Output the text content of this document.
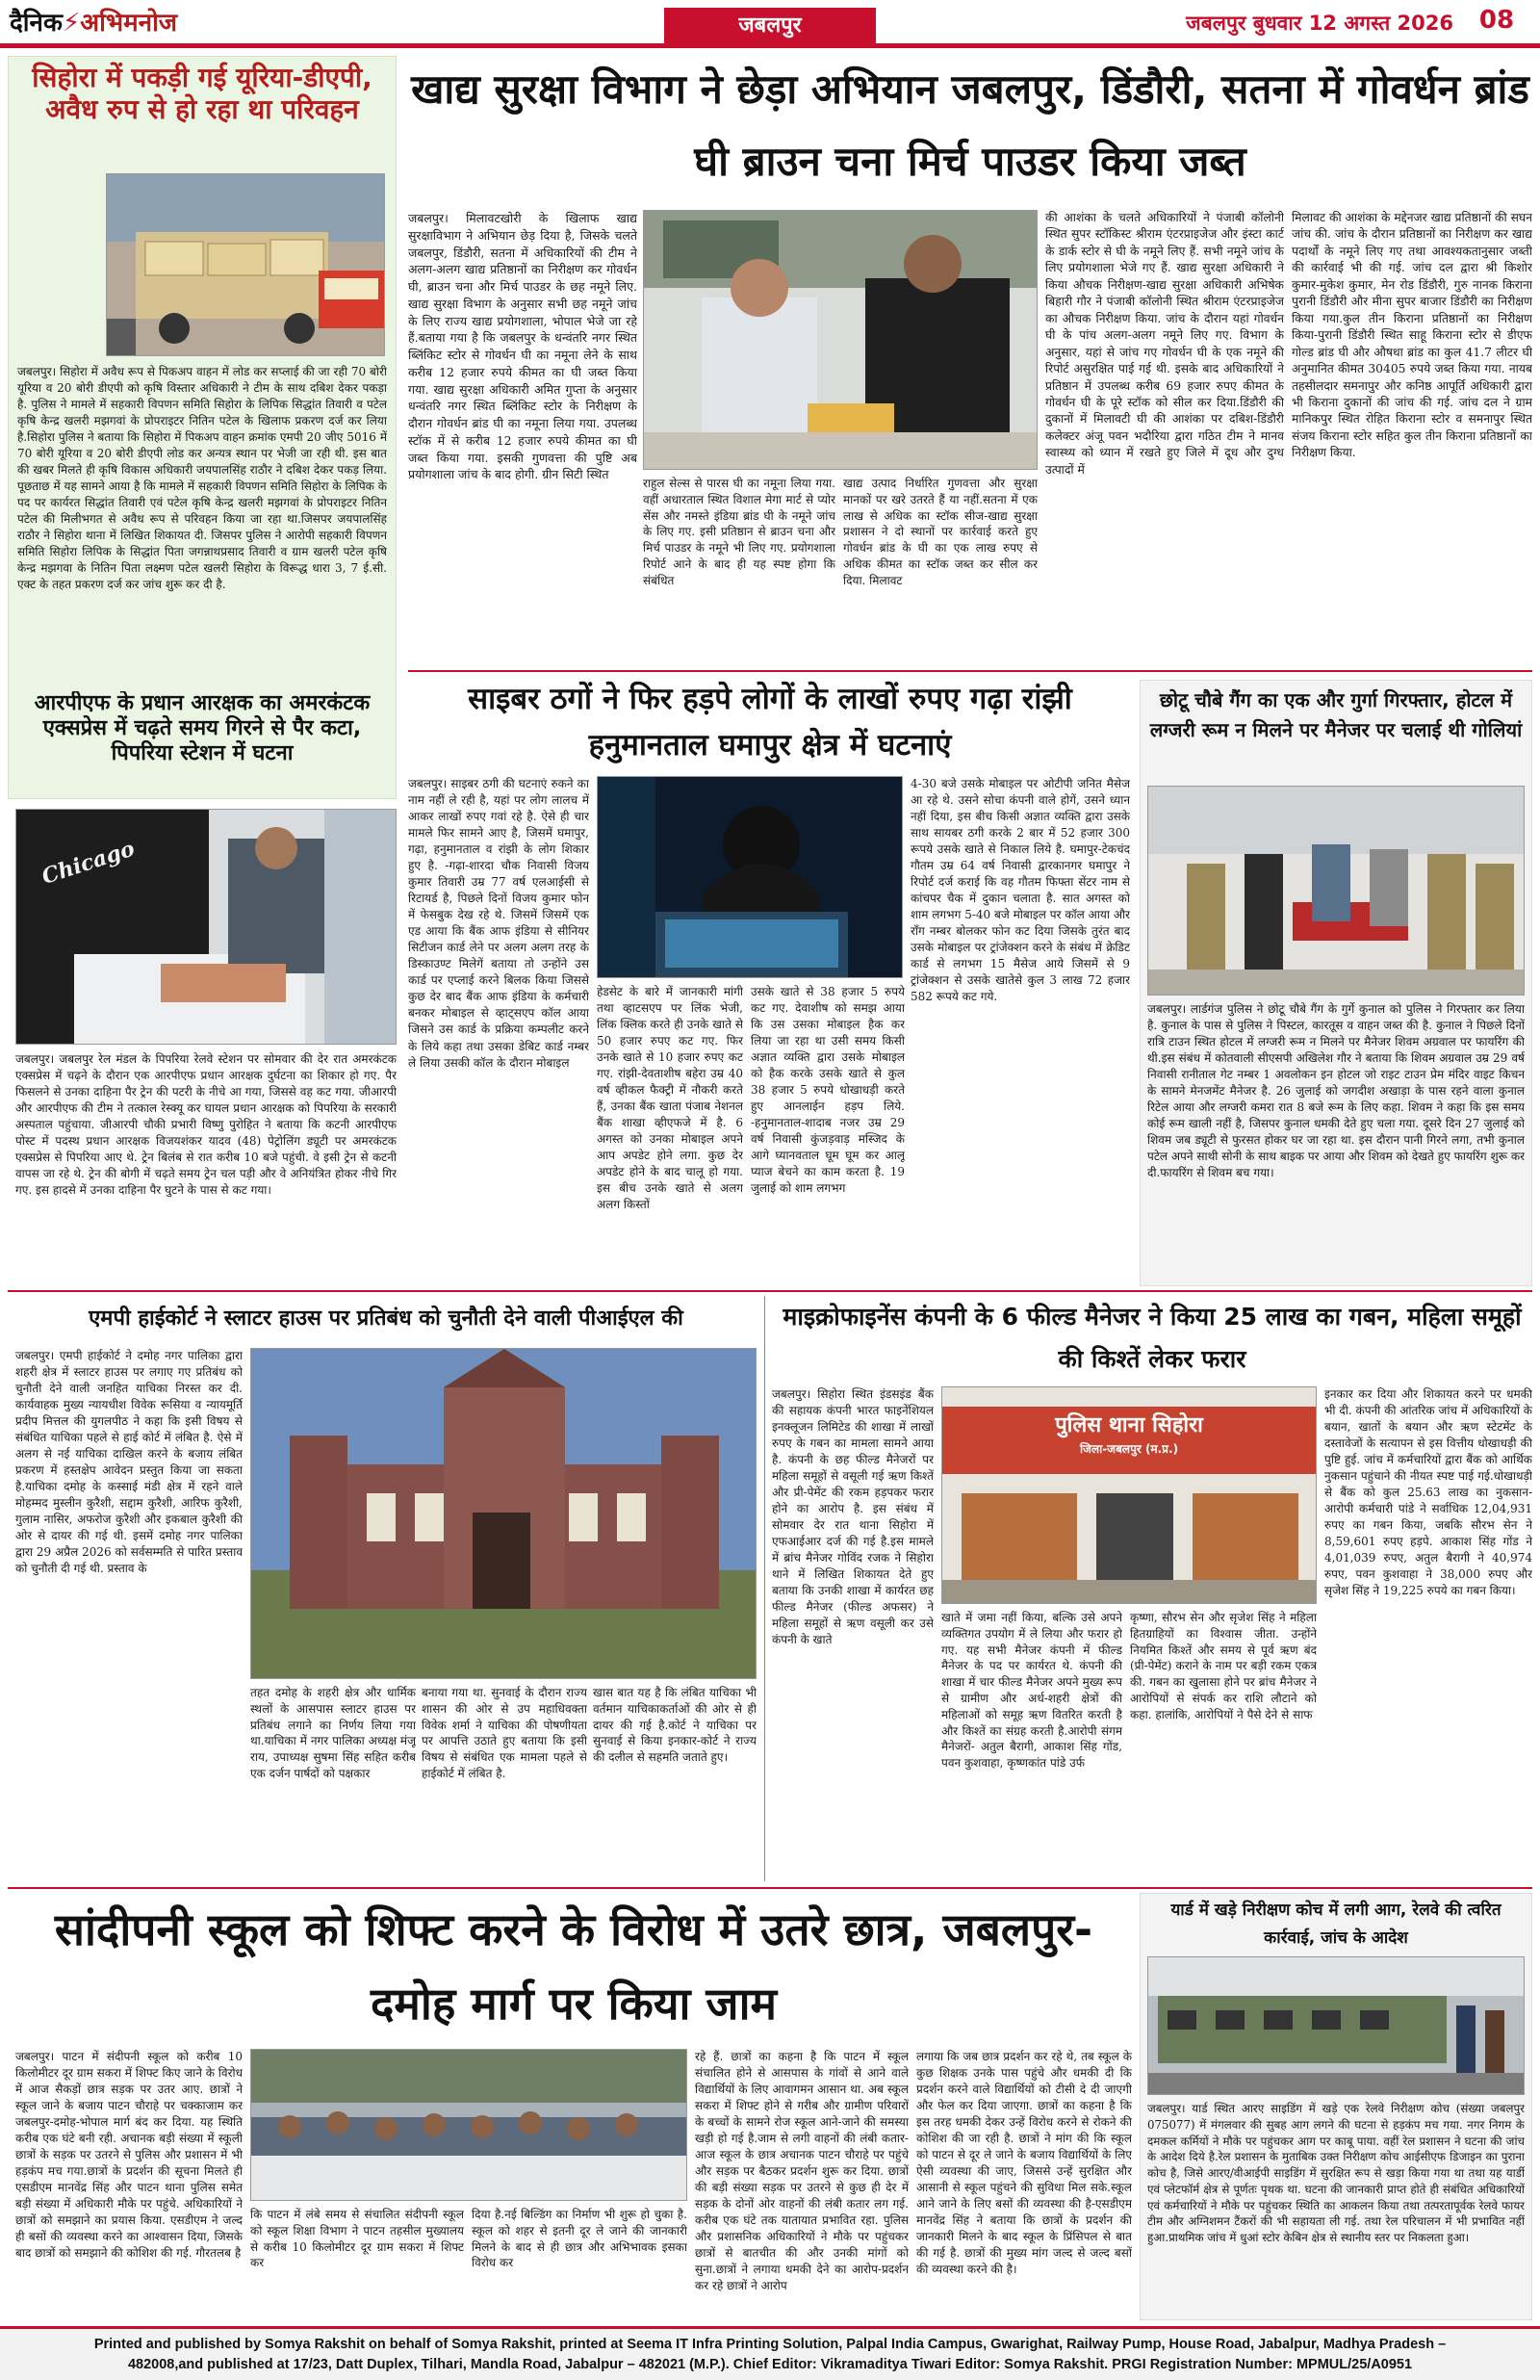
दैनिक⚡अभिमनोज	जबलपुर	जबलपुर बुधवार 12 अगस्त 2026	08
सिहोरा में पकड़ी गई यूरिया-डीएपी, अवैध रुप से हो रहा था परिवहन
जबलपुर। सिहोरा में अवैध रूप से पिकअप वाहन में लोड कर सप्लाई की जा रही 70 बोरी यूरिया व 20 बोरी डीएपी को कृषि विस्तार अधिकारी ने टीम के साथ दबिश देकर पकड़ा है. पुलिस ने मामले में सहकारी विपणन समिति सिहोरा के लिपिक सिद्धांत तिवारी व पटेल कृषि केन्द्र खलरी मझगवां के प्रोपराइटर नितिन पटेल के खिलाफ प्रकरण दर्ज कर लिया है.सिहोरा पुलिस ने बताया कि सिहोरा में पिकअप वाहन क्रमांक एमपी 20 जीए 5016 में 70 बोरी यूरिया व 20 बोरी डीएपी लोड कर अन्यत्र स्थान पर भेजी जा रही थी. इस बात की खबर मिलते ही कृषि विकास अधिकारी जयपालसिंह राठौर ने दबिश देकर पकड़ लिया. पूछताछ में यह सामने आया है कि मामले में सहकारी विपणन समिति सिहोरा के लिपिक के पद पर कार्यरत सिद्धांत तिवारी एवं पटेल कृषि केन्द्र खलरी मझगवां के प्रोपराइटर नितिन पटेल की मिलीभगत से अवैध रूप से परिवहन किया जा रहा था.जिसपर जयपालसिंह राठौर ने सिहोरा थाना में लिखित शिकायत दी. जिसपर पुलिस ने आरोपी सहकारी विपणन समिति सिहोरा लिपिक के सिद्धांत पिता जगन्नाथप्रसाद तिवारी व ग्राम खलरी पटेल कृषि केन्द्र मझगवा के नितिन पिता लक्ष्मण पटेल खलरी सिहोरा के विरूद्ध धारा 3, 7 ई.सी. एक्ट के तहत प्रकरण दर्ज कर जांच शुरू कर दी है.
आरपीएफ के प्रधान आरक्षक का अमरकंटक एक्सप्रेस में चढ़ते समय गिरने से पैर कटा, पिपरिया स्टेशन में घटना
Chicago
जबलपुर। जबलपुर रेल मंडल के पिपरिया रेलवे स्टेशन पर सोमवार की देर रात अमरकंटक एक्सप्रेस में चढ़ने के दौरान एक आरपीएफ प्रधान आरक्षक दुर्घटना का शिकार हो गए. पैर फिसलने से उनका दाहिना पैर ट्रेन की पटरी के नीचे आ गया, जिससे वह कट गया. जीआरपी और आरपीएफ की टीम ने तत्काल रेस्क्यू कर घायल प्रधान आरक्षक को पिपरिया के सरकारी अस्पताल पहुंचाया. जीआरपी चौकी प्रभारी विष्णु पुरोहित ने बताया कि कटनी आरपीएफ पोस्ट में पदस्थ प्रधान आरक्षक विजयशंकर यादव (48) पेट्रोलिंग ड्यूटी पर अमरकंटक एक्सप्रेस से पिपरिया आए थे. ट्रेन बिलंब से रात करीब 10 बजे पहुंची. वे इसी ट्रेन से कटनी वापस जा रहे थे. ट्रेन की बोगी में चढ़ते समय ट्रेन चल पड़ी और वे अनियंत्रित होकर नीचे गिर गए. इस हादसे में उनका दाहिना पैर घुटने के पास से कट गया।
खाद्य सुरक्षा विभाग ने छेड़ा अभियान जबलपुर, डिंडौरी, सतना में गोवर्धन ब्रांड घी ब्राउन चना मिर्च पाउडर किया जब्त
जबलपुर। मिलावटखोरी के खिलाफ खाद्य सुरक्षाविभाग ने अभियान छेड़ दिया है, जिसके चलते जबलपुर, डिंडौरी, सतना में अधिकारियों की टीम ने अलग-अलग खाद्य प्रतिष्ठानों का निरीक्षण कर गोवर्धन घी, ब्राउन चना और मिर्च पाउडर के छह नमूने लिए. खाद्य सुरक्षा विभाग के अनुसार सभी छह नमूने जांच के लिए राज्य खाद्य प्रयोगशाला, भोपाल भेजे जा रहे हैं.बताया गया है कि जबलपुर के धन्वंतरि नगर स्थित ब्लिंकिट स्टोर से गोवर्धन घी का नमूना लेने के साथ करीब 12 हजार रुपये कीमत का घी जब्त किया गया. खाद्य सुरक्षा अधिकारी अमित गुप्ता के अनुसार धन्वंतरि नगर स्थित ब्लिंकिट स्टोर के निरीक्षण के दौरान गोवर्धन ब्रांड घी का नमूना लिया गया. उपलब्ध स्टॉक में से करीब 12 हजार रुपये कीमत का घी जब्त किया गया. इसकी गुणवत्ता की पुष्टि अब प्रयोगशाला जांच के बाद होगी. ग्रीन सिटी स्थित
राहुल सेल्स से पारस घी का नमूना लिया गया. वहीं अधारताल स्थित विशाल मेगा मार्ट से प्योर सेंस और नमस्ते इंडिया ब्रांड घी के नमूने जांच के लिए गए. इसी प्रतिष्ठान से ब्राउन चना और मिर्च पाउडर के नमूने भी लिए गए. प्रयोगशाला रिपोर्ट आने के बाद ही यह स्पष्ट होगा कि संबंधित
खाद्य उत्पाद निर्धारित गुणवत्ता और सुरक्षा मानकों पर खरे उतरते हैं या नहीं.सतना में एक लाख से अधिक का स्टॉक सीज-खाद्य सुरक्षा प्रशासन ने दो स्थानों पर कार्रवाई करते हुए गोवर्धन ब्रांड के घी का एक लाख रुपए से अधिक कीमत का स्टॉक जब्त कर सील कर दिया. मिलावट
की आशंका के चलते अधिकारियों ने पंजाबी कॉलोनी स्थित सुपर स्टॉकिस्ट श्रीराम एंटरप्राइजेज और इंस्टा कार्ट के डार्क स्टोर से घी के नमूने लिए हैं. सभी नमूने जांच के लिए प्रयोगशाला भेजे गए हैं. खाद्य सुरक्षा अधिकारी ने किया औचक निरीक्षण-खाद्य सुरक्षा अधिकारी अभिषेक बिहारी गौर ने पंजाबी कॉलोनी स्थित श्रीराम एंटरप्राइजेज का औचक निरीक्षण किया. जांच के दौरान यहां गोवर्धन घी के पांच अलग-अलग नमूने लिए गए. विभाग के अनुसार, यहां से जांच गए गोवर्धन घी के एक नमूने की रिपोर्ट असुरक्षित पाई गई थी. इसके बाद अधिकारियों ने प्रतिष्ठान में उपलब्ध करीब 69 हजार रुपए कीमत के गोवर्धन घी के पूरे स्टॉक को सील कर दिया.डिंडौरी की दुकानों में मिलावटी घी की आशंका पर दबिश-डिंडौरी कलेक्टर अंजू पवन भदौरिया द्वारा गठित टीम ने मानव स्वास्थ्य को ध्यान में रखते हुए जिले में दूध और दुग्ध उत्पादों में
मिलावट की आशंका के मद्देनजर खाद्य प्रतिष्ठानों की सघन जांच की. जांच के दौरान प्रतिष्ठानों का निरीक्षण कर खाद्य पदार्थों के नमूने लिए गए तथा आवश्यकतानुसार जब्ती की कार्रवाई भी की गई. जांच दल द्वारा श्री किशोर कुमार-मुकेश कुमार, मेन रोड डिंडौरी, गुरु नानक किराना पुरानी डिंडौरी और मीना सुपर बाजार डिंडौरी का निरीक्षण किया गया.कुल तीन किराना प्रतिष्ठानों का निरीक्षण किया-पुरानी डिंडौरी स्थित साहू किराना स्टोर से डीएफ गोल्ड ब्रांड घी और औषधा ब्रांड का कुल 41.7 लीटर घी अनुमानित कीमत 30405 रुपये जब्त किया गया. नायब तहसीलदार समनापुर और कनिष्ठ आपूर्ति अधिकारी द्वारा भी किराना दुकानों की जांच की गई. जांच दल ने ग्राम मानिकपुर स्थित रोहित किराना स्टोर व समनापुर स्थित संजय किराना स्टोर सहित कुल तीन किराना प्रतिष्ठानों का निरीक्षण किया.
साइबर ठगों ने फिर हड़पे लोगों के लाखों रुपए गढ़ा रांझी हनुमानताल घमापुर क्षेत्र में घटनाएं
जबलपुर। साइबर ठगी की घटनाएं रुकने का नाम नहीं ले रही है, यहां पर लोग लालच में आकर लाखों रुपए गवां रहे है. ऐसे ही चार मामले फिर सामने आए है, जिसमें घमापुर, गढ़ा, हनुमानताल व रांझी के लोग शिकार हुए है. -गढ़ा-शारदा चौक निवासी विजय कुमार तिवारी उम्र 77 वर्ष एलआईसी से रिटायर्ड है, पिछले दिनों विजय कुमार फोन में फेसबुक देख रहे थे. जिसमें जिसमें एक एड आया कि बैंक आफ इंडिया से सीनियर सिटीजन कार्ड लेने पर अलग अलग तरह के डिस्काउण्ट मिलेगें बताया तो उन्होंने उस कार्ड पर एप्लाई करने बिलक किया जिससे कुछ देर बाद बैंक आफ इंडिया के कर्मचारी बनकर मोबाइल से व्हाट्सएप कॉल आया जिसने उस कार्ड के प्रक्रिया कम्पलीट करने के लिये कहा तथा उसका डेबिट कार्ड नम्बर ले लिया उसकी कॉल के दौरान मोबाइल
हेडसेट के बारे में जानकारी मांगी तथा व्हाटसएप पर लिंक भेजी, लिंक क्लिक करते ही उनके खाते से 50 हजार रुपए कट गए. फिर उनके खाते से 10 हजार रुपए कट गए. रांझी-देवताशीष बहेरा उम्र 40 वर्ष व्हीकल फैक्ट्री में नौकरी करते हैं, उनका बैंक खाता पंजाब नेशनल बैंक शाखा व्हीएफजे में है. 6 अगस्त को उनका मोबाइल अपने आप अपडेट होने लगा. कुछ देर अपडेट होने के बाद चालू हो गया. इस बीच उनके खाते से अलग अलग किस्तों
उसके खाते से 38 हजार 5 रुपये कट गए. देवाशीष को समझ आया कि उस उसका मोबाइल हैक कर लिया जा रहा था उसी समय किसी अज्ञात व्यक्ति द्वारा उसके मोबाइल को हैक करके उसके खाते से कुल 38 हजार 5 रुपये धोखाधड़ी करते हुए आनलाईन हड़प लिये. -हनुमानताल-शादाब नजर उम्र 29 वर्ष निवासी कुंजड़वाड़ मस्जिद के आगे घ्यानवताल घूम घूम कर आलू प्याज बेचने का काम करता है. 19 जुलाई को शाम लगभग
4-30 बजे उसके मोबाइल पर ओटीपी जनित मैसेज आ रहे थे. उसने सोचा कंपनी वाले होगें, उसने ध्यान नहीं दिया, इस बीच किसी अज्ञात व्यक्ति द्वारा उसके साथ सायबर ठगी करके 2 बार में 52 हजार 300 रूपये उसके खाते से निकाल लिये है. घमापुर-टेकचंद गौतम उम्र 64 वर्ष निवासी द्वारकानगर घमापुर ने रिपोर्ट दर्ज कराई कि वह गौतम फिफ्ता सेंटर नाम से कांचपर चैक में दुकान चलाता है. सात अगस्त को शाम लगभग 5-40 बजे मोबाइल पर कॉल आया और राँग नम्बर बोलकर फोन कट दिया जिसके तुरंत बाद उसके मोबाइल पर ट्रांजेक्शन करने के संबंध में क्रेडिट कार्ड से लगभग 15 मैसेज आये जिसमें से 9 ट्रांजेक्शन से उसके खातेसे कुल 3 लाख 72 हजार 582 रूपये कट गये.
छोटू चौबे गैंग का एक और गुर्गा गिरफ्तार, होटल में लग्जरी रूम न मिलने पर मैनेजर पर चलाई थी गोलियां
जबलपुर। लार्डगंज पुलिस ने छोटू चौबे गैंग के गुर्गे कुनाल को पुलिस ने गिरफ्तार कर लिया है. कुनाल के पास से पुलिस ने पिस्टल, कारतूस व वाहन जब्त की है. कुनाल ने पिछले दिनों रात्रि टाउन स्थित होटल में लग्जरी रूम न मिलने पर मैनेजर शिवम अग्रवाल पर फायरिंग की थी.इस संबंध में कोतवाली सीएसपी अखिलेश गौर ने बताया कि शिवम अग्रवाल उम्र 29 वर्ष निवासी रानीताल गेट नम्बर 1 अवलोकन इन होटल जो राइट टाउन प्रेम मंदिर वाइट किचन के सामने मेनजमेंट मैनेजर है. 26 जुलाई को जगदीश अखाड़ा के पास रहने वाला कुनाल रिटेल आया और लग्जरी कमरा रात 8 बजे रूम के लिए कहा. शिवम ने कहा कि इस समय कोई रूम खाली नहीं है, जिसपर कुनाल धमकी देते हुए चला गया. दूसरे दिन 27 जुलाई को शिवम जब ड्यूटी से फुरसत होकर घर जा रहा था. इस दौरान पानी गिरने लगा, तभी कुनाल पटेल अपने साथी सोनी के साथ बाइक पर आया और शिवम को देखते हुए फायरिंग शुरू कर दी.फायरिंग से शिवम बच गया।
एमपी हाईकोर्ट ने स्लाटर हाउस पर प्रतिबंध को चुनौती देने वाली पीआईएल की
जबलपुर। एमपी हाईकोर्ट ने दमोह नगर पालिका द्वारा शहरी क्षेत्र में स्लाटर हाउस पर लगाए गए प्रतिबंध को चुनौती देने वाली जनहित याचिका निरस्त कर दी. कार्यवाहक मुख्य न्यायधीश विवेक रूसिया व न्यायमूर्ति प्रदीप मित्तल की युगलपीठ ने कहा कि इसी विषय से संबंधित याचिका पहले से हाई कोर्ट में लंबित है. ऐसे में अलग से नई याचिका दाखिल करने के बजाय लंबित प्रकरण में हस्तक्षेप आवेदन प्रस्तुत किया जा सकता है.याचिका दमोह के कस्साई मंडी क्षेत्र में रहने वाले मोहम्मद मुस्लीन कुरैशी, सद्दाम कुरैशी, आरिफ कुरैशी, गुलाम नासिर, अफरोज कुरैशी और इकबाल कुरैशी की ओर से दायर की गई थी. इसमें दमोह नगर पालिका द्वारा 29 अप्रैल 2026 को सर्वसम्मति से पारित प्रस्ताव को चुनौती दी गई थी. प्रस्ताव के
तहत दमोह के शहरी क्षेत्र और धार्मिक स्थलों के आसपास स्लाटर हाउस पर प्रतिबंध लगाने का निर्णय लिया गया था.याचिका में नगर पालिका अध्यक्ष मंजू राय, उपाध्यक्ष सुषमा सिंह सहित करीब एक दर्जन पार्षदों को पक्षकार
बनाया गया था. सुनवाई के दौरान राज्य शासन की ओर से उप महाधिवक्ता विवेक शर्मा ने याचिका की पोषणीयता पर आपत्ति उठाते हुए बताया कि इसी विषय से संबंधित एक मामला पहले से हाईकोर्ट में लंबित है.
खास बात यह है कि लंबित याचिका भी वर्तमान याचिकाकर्ताओं की ओर से ही दायर की गई है.कोर्ट ने याचिका पर सुनवाई से किया इनकार-कोर्ट ने राज्य की दलील से सहमति जताते हुए।
माइक्रोफाइनेंस कंपनी के 6 फील्ड मैनेजर ने किया 25 लाख का गबन, महिला समूहों की किश्तें लेकर फरार
जबलपुर। सिहोरा स्थित इंडसइंड बैंक की सहायक कंपनी भारत फाइनेंशियल इनक्लूजन लिमिटेड की शाखा में लाखों रुपए के गबन का मामला सामने आया है. कंपनी के छह फील्ड मैनेजरों पर महिला समूहों से वसूली गई ऋण किश्तें और प्री-पेमेंट की रकम हड़पकर फरार होने का आरोप है. इस संबंध में सोमवार देर रात थाना सिहोरा में एफआईआर दर्ज की गई है.इस मामले में ब्रांच मैनेजर गोविंद रजक ने सिहोरा थाने में लिखित शिकायत देते हुए बताया कि उनकी शाखा में कार्यरत छह फील्ड मैनेजर (फील्ड अफसर) ने महिला समूहों से ऋण वसूली कर उसे कंपनी के खाते
पुलिस थाना सिहोरा
जिला-जबलपुर (म.प्र.)
खाते में जमा नहीं किया, बल्कि उसे अपने व्यक्तिगत उपयोग में ले लिया और फरार हो गए. यह सभी मैनेजर कंपनी में फील्ड मैनेजर के पद पर कार्यरत थे. कंपनी की शाखा में चार फील्ड मैनेजर अपने मुख्य रूप से ग्रामीण और अर्ध-शहरी क्षेत्रों की महिलाओं को समूह ऋण वितरित करती है और किश्तें का संग्रह करती है.आरोपी संगम मैनेजरों- अतुल बैरागी, आकाश सिंह गोंड, पवन कुशवाहा, कृष्णकांत पांडे उर्फ
कृष्णा, सौरभ सेन और सृजेश सिंह ने महिला हितग्राहियों का विश्वास जीता. उन्होंने नियमित किश्तें और समय से पूर्व ऋण बंद (प्री-पेमेंट) कराने के नाम पर बड़ी रकम एकत्र की. गबन का खुलासा होने पर ब्रांच मैनेजर ने आरोपियों से संपर्क कर राशि लौटाने को कहा. हालांकि, आरोपियों ने पैसे देने से साफ
इनकार कर दिया और शिकायत करने पर धमकी भी दी. कंपनी की आंतरिक जांच में अधिकारियों के बयान, खातों के बयान और ऋण स्टेटमेंट के दस्तावेजों के सत्यापन से इस वित्तीय धोखाधड़ी की पुष्टि हुई. जांच में कर्मचारियों द्वारा बैंक को आर्थिक नुकसान पहुंचाने की नीयत स्पष्ट पाई गई.धोखाधड़ी से बैंक को कुल 25.63 लाख का नुकसान-आरोपी कर्मचारी पांडे ने सर्वाधिक 12,04,931 रुपए का गबन किया, जबकि सौरभ सेन ने 8,59,601 रुपए हड़पे. आकाश सिंह गोंड ने 4,01,039 रुपए, अतुल बैरागी ने 40,974 रुपए, पवन कुशवाहा ने 38,000 रुपए और सृजेश सिंह ने 19,225 रुपये का गबन किया।
सांदीपनी स्कूल को शिफ्ट करने के विरोध में उतरे छात्र, जबलपुर-दमोह मार्ग पर किया जाम
जबलपुर। पाटन में संदीपनी स्कूल को करीब 10 किलोमीटर दूर ग्राम सकरा में शिफ्ट किए जाने के विरोध में आज सैकड़ों छात्र सड़क पर उतर आए. छात्रों ने स्कूल जाने के बजाय पाटन चौराहे पर चक्काजाम कर जबलपुर-दमोह-भोपाल मार्ग बंद कर दिया. यह स्थिति करीब एक घंटे बनी रही. अचानक बड़ी संख्या में स्कूली छात्रों के सड़क पर उतरने से पुलिस और प्रशासन में भी हड़कंप मच गया.छात्रों के प्रदर्शन की सूचना मिलते ही एसडीएम मानवेंद्र सिंह और पाटन थाना पुलिस समेत बड़ी संख्या में अधिकारी मौके पर पहुंचे. अधिकारियों ने छात्रों को समझाने का प्रयास किया. एसडीएम ने जल्द ही बसों की व्यवस्था करने का आश्वासन दिया, जिसके बाद छात्रों को समझाने की कोशिश की गई. गौरतलब है
कि पाटन में लंबे समय से संचालित संदीपनी स्कूल को स्कूल शिक्षा विभाग ने पाटन तहसील मुख्यालय से करीब 10 किलोमीटर दूर ग्राम सकरा में शिफ्ट कर
दिया है.नई बिल्डिंग का निर्माण भी शुरू हो चुका है. स्कूल को शहर से इतनी दूर ले जाने की जानकारी मिलने के बाद से ही छात्र और अभिभावक इसका विरोध कर
रहे हैं. छात्रों का कहना है कि पाटन में स्कूल संचालित होने से आसपास के गांवों से आने वाले विद्यार्थियों के लिए आवागमन आसान था. अब स्कूल सकरा में शिफ्ट होने से गरीब और ग्रामीण परिवारों के बच्चों के सामने रोज स्कूल आने-जाने की समस्या खड़ी हो गई है.जाम से लगी वाहनों की लंबी कतार-आज स्कूल के छात्र अचानक पाटन चौराहे पर पहुंचे और सड़क पर बैठकर प्रदर्शन शुरू कर दिया. छात्रों की बड़ी संख्या सड़क पर उतरने से कुछ ही देर में सड़क के दोनों ओर वाहनों की लंबी कतार लग गई. करीब एक घंटे तक यातायात प्रभावित रहा. पुलिस और प्रशासनिक अधिकारियों ने मौके पर पहुंचकर छात्रों से बातचीत की और उनकी मांगों को सुना.छात्रों ने लगाया धमकी देने का आरोप-प्रदर्शन कर रहे छात्रों ने आरोप
लगाया कि जब छात्र प्रदर्शन कर रहे थे, तब स्कूल के कुछ शिक्षक उनके पास पहुंचे और धमकी दी कि प्रदर्शन करने वाले विद्यार्थियों को टीसी दे दी जाएगी और फेल कर दिया जाएगा. छात्रों का कहना है कि इस तरह धमकी देकर उन्हें विरोध करने से रोकने की कोशिश की जा रही है. छात्रों ने मांग की कि स्कूल को पाटन से दूर ले जाने के बजाय विद्यार्थियों के लिए ऐसी व्यवस्था की जाए, जिससे उन्हें सुरक्षित और आसानी से स्कूल पहुंचने की सुविधा मिल सके.स्कूल आने जाने के लिए बसों की व्यवस्था की है-एसडीएम मानवेंद्र सिंह ने बताया कि छात्रों के प्रदर्शन की जानकारी मिलने के बाद स्कूल के प्रिंसिपल से बात की गई है. छात्रों की मुख्य मांग जल्द से जल्द बसों की व्यवस्था करने की है।
यार्ड में खड़े निरीक्षण कोच में लगी आग, रेलवे की त्वरित कार्रवाई, जांच के आदेश
जबलपुर। यार्ड स्थित आरए साइडिंग में खड़े एक रेलवे निरीक्षण कोच (संख्या जबलपुर 075077) में मंगलवार की सुबह आग लगने की घटना से हड़कंप मच गया. नगर निगम के दमकल कर्मियों ने मौके पर पहुंचकर आग पर काबू पाया. वहीं रेल प्रशासन ने घटना की जांच के आदेश दिये है.रेल प्रशासन के मुताबिक उक्त निरीक्षण कोच आईसीएफ डिजाइन का पुराना कोच है, जिसे आरए/वीआईपी साइडिंग में सुरक्षित रूप से खड़ा किया गया था तथा यह यार्डी एवं प्लेटफॉर्म क्षेत्र से पूर्णतः पृथक था. घटना की जानकारी प्राप्त होते ही संबंधित अधिकारियों एवं कर्मचारियों ने मौके पर पहुंचकर स्थिति का आकलन किया तथा तत्परतापूर्वक रेलवे फायर टीम और अग्निशमन टैंकरों की भी सहायता ली गई. तथा रेल परिचालन में भी प्रभावित नहीं हुआ.प्राथमिक जांच में धुआं स्टोर केबिन क्षेत्र से स्थानीय स्तर पर निकलता हुआ।
Printed and published by Somya Rakshit on behalf of Somya Rakshit, printed at Seema IT Infra Printing Solution, Palpal India Campus, Gwarighat, Railway Pump, House Road, Jabalpur, Madhya Pradesh –
482008,and published at 17/23, Datt Duplex, Tilhari, Mandla Road, Jabalpur – 482021 (M.P.). Chief Editor: Vikramaditya Tiwari Editor: Somya Rakshit. PRGI Registration Number: MPMUL/25/A0951
